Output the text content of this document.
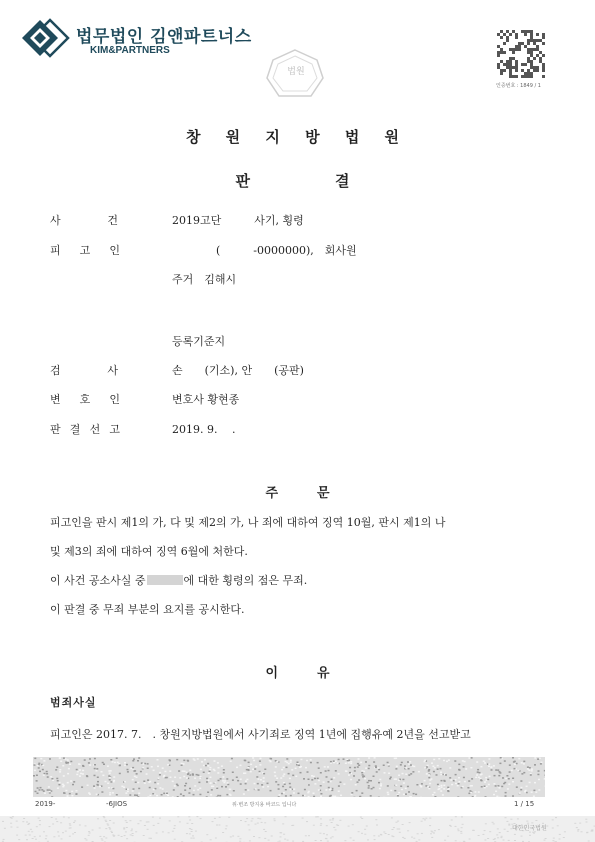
법무법인 김앤파트너스
KIM&PARTNERS
법원
인증번호 : 1849 / 1
창 원 지 방 법 원
판　　　결
사	건	2019고단　　　사기, 횡령
피 고 인	　　　　(　　　-0000000),　회사원
주거　김해시
등록기준지
검	사	손　　(기소), 안　　(공판)
변 호 인	변호사 황현종
판 결 선 고	2019. 9.　 .
주　　　문
피고인을 판시 제1의 가, 다 및 제2의 가, 나 죄에 대하여 징역 10월, 판시 제1의 나
및 제3의 죄에 대하여 징역 6월에 처한다.
이 사건 공소사실 중	에 대한 횡령의 점은 무죄.
이 판결 중 무죄 부분의 요지를 공시한다.
이　　　유
범죄사실
피고인은 2017. 7.　. 창원지방법원에서 사기죄로 징역 1년에 집행유예 2년을 선고받고
2019-	-6JIOS	위·변조 방지용 바코드 입니다	1 / 15
대한민국법원
